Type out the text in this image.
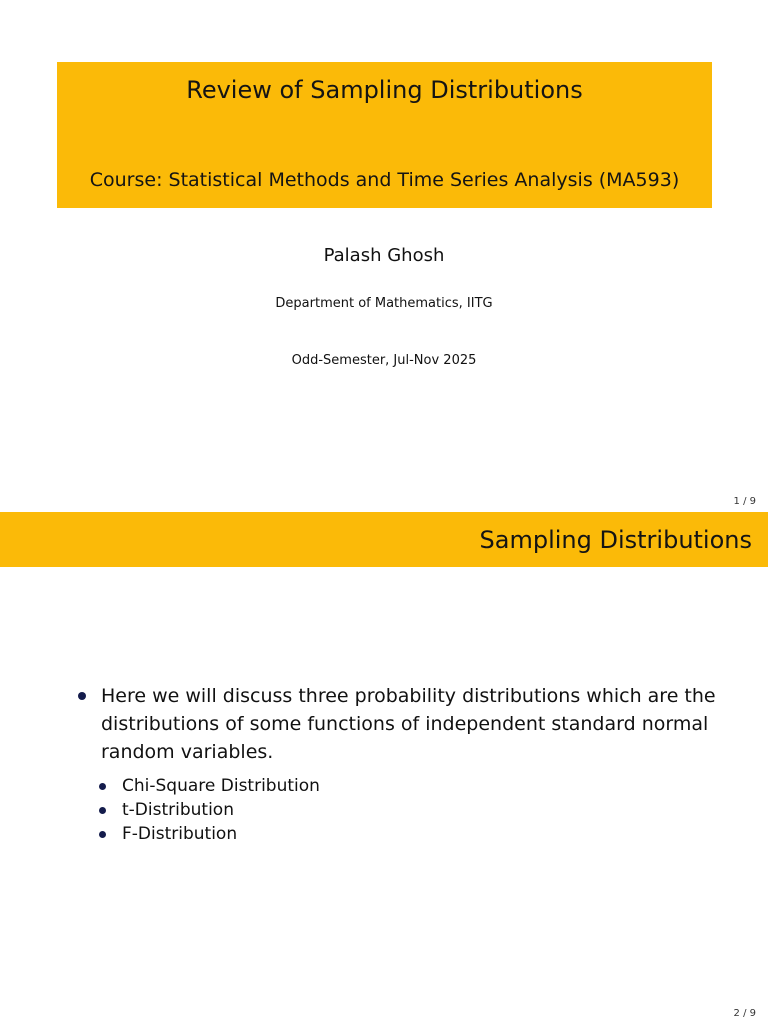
Review of Sampling Distributions
Course: Statistical Methods and Time Series Analysis (MA593)
Palash Ghosh
Department of Mathematics, IITG
Odd-Semester, Jul-Nov 2025
1 / 9
Sampling Distributions
Here we will discuss three probability distributions which are the distributions of some functions of independent standard normal random variables.
Chi-Square Distribution
t-Distribution
F-Distribution
2 / 9
